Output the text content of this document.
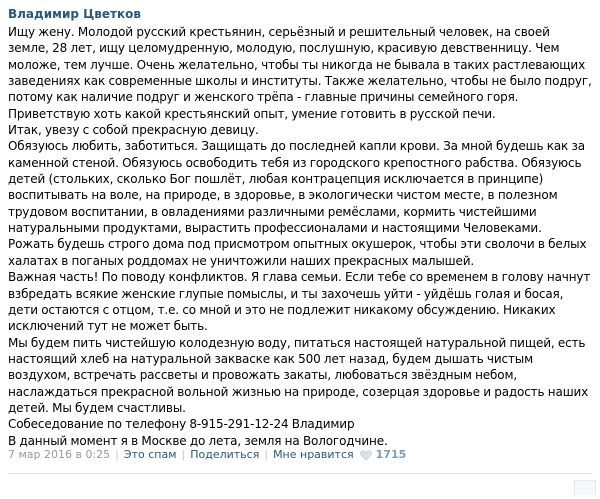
Владимир Цветков

Ищу жену. Молодой русский крестьянин, серьёзный и решительный человек, на своей земле, 28 лет, ищу целомудренную, молодую, послушную, красивую девственницу. Чем моложе, тем лучше. Очень желательно, чтобы ты никогда не бывала в таких растлевающих заведениях как современные школы и институты. Также желательно, чтобы не было подруг, потому как наличие подруг и женского трёпа - главные причины семейного горя. Приветствую хоть какой крестьянский опыт, умение готовить в русской печи.

Итак, увезу с собой прекрасную девицу.

Обязуюсь любить, заботиться. Защищать до последней капли крови. За мной будешь как за каменной стеной. Обязуюсь освободить тебя из городского крепостного рабства. Обязуюсь детей (стольких, сколько Бог пошлёт, любая контрацепция исключается в принципе) воспитывать на воле, на природе, в здоровье, в экологически чистом месте, в полезном трудовом воспитании, в овладениями различными ремёслами, кормить чистейшими натуральными продуктами, вырастить профессионалами и настоящими Человеками.

Рожать будешь строго дома под присмотром опытных окушерок, чтобы эти сволочи в белых халатах в поганых роддомах не уничтожили наших прекрасных малышей.

Важная часть! По поводу конфликтов. Я глава семьи. Если тебе со временем в голову начнут взбредать всякие женские глупые помыслы, и ты захочешь уйти - уйдёшь голая и босая, дети остаются с отцом, т.е. со мной и это не подлежит никакому обсуждению. Никаких исключений тут не может быть.

Мы будем пить чистейшую колодезную воду, питаться настоящей натуральной пищей, есть настоящий хлеб на натуральной закваске как 500 лет назад, будем дышать чистым воздухом, встречать рассветы и провожать закаты, любоваться звёздным небом, наслаждаться прекрасной вольной жизнью на природе, созерцая здоровье и радость наших детей. Мы будем счастливы.

Собеседование по телефону 8-915-291-12-24 Владимир

В данный момент я в Москве до лета, земля на Вологодчине.

7 мар 2016 в 0:25 | Это спам | Поделиться | Мне нравится 1715
